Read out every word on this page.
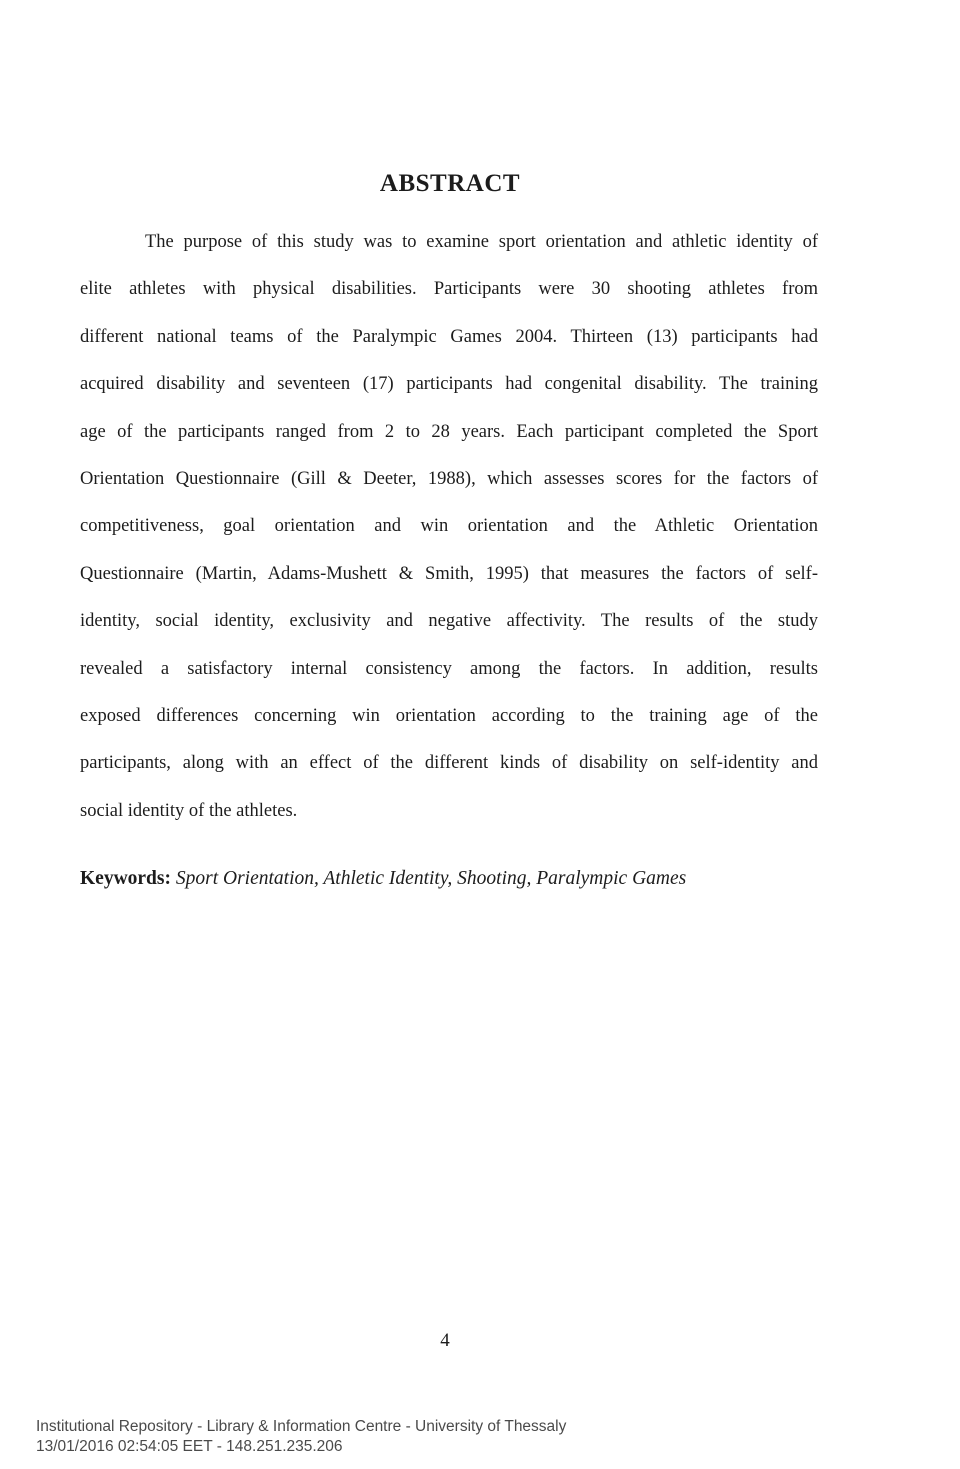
ABSTRACT
The purpose of this study was to examine sport orientation and athletic identity of
elite athletes with physical disabilities. Participants were 30 shooting athletes from
different national teams of the Paralympic Games 2004. Thirteen (13) participants had
acquired disability and seventeen (17) participants had congenital disability. The training
age of the participants ranged from 2 to 28 years. Each participant completed the Sport
Orientation Questionnaire (Gill & Deeter, 1988), which assesses scores for the factors of
competitiveness, goal orientation and win orientation and the Athletic Orientation
Questionnaire (Martin, Adams-Mushett & Smith, 1995) that measures the factors of self-
identity, social identity, exclusivity and negative affectivity. The results of the study
revealed a satisfactory internal consistency among the factors. In addition, results
exposed differences concerning win orientation according to the training age of the
participants, along with an effect of the different kinds of disability on self-identity and
social identity of the athletes.
Keywords: Sport Orientation, Athletic Identity, Shooting, Paralympic Games
4
Institutional Repository - Library & Information Centre - University of Thessaly
13/01/2016 02:54:05 EET - 148.251.235.206
